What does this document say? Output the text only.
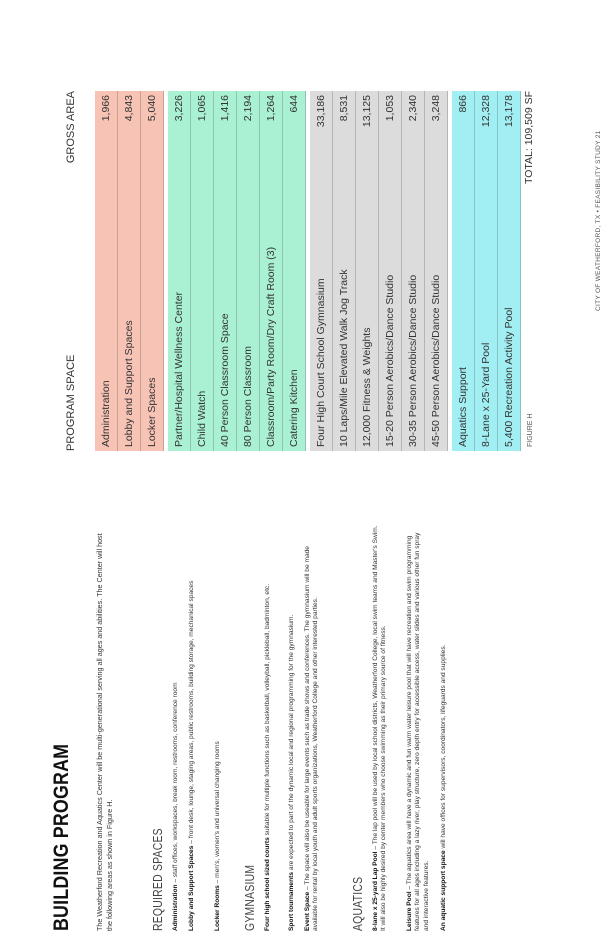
BUILDING PROGRAM	The Weatherford Recreation and Aquatics Center will be multi-generational serving all ages and abilities. The Center will host the following areas as shown in Figure H.	REQUIRED SPACES Administration – staff offices, workspaces, break room, restrooms, conference room
Lobby and Support Spaces – front desk, lounge, staging areas, public restrooms, building storage, mechanical spaces
Locker Rooms – men's, women's and universal changing rooms
GYMNASIUM Four high school sized courts suitable for multiple functions such as basketball, volleyball, pickleball, badminton, etc.
Sport tournaments are expected to part of the dynamic local and regional programming for the gymnasium.
Event Space – The space will also be useable for large events such as trade shows and conferences. The gymnasium will be made available for rental by local youth and adult sports organizations, Weatherford College and other interested parties. AQUATICS 8-lane x 25-yard Lap Pool – The lap pool will be used by local school districts, Weatherford College, local swim teams and Master's Swim. It will also be highly desired by center members who choose swimming as their primary source of fitness.	Leisure Pool – The aquatics area will have a dynamic and fun warm water leisure pool that will have recreation and swim programming features for all ages including a lazy river, play structure, zero depth entry for accessible access, water slides and various other fun spray and interactive features. An aquatic support space will have offices for supervisors, coordinators, lifeguards and supplies.
PROGRAM SPACE
GROSS AREA
Administration
1,966
Lobby and Support Spaces
4,843
Locker Spaces
5,040
Partner/Hospital Wellness Center
3,226
Child Watch
1,065
40 Person Classroom Space
1,416
80 Person Classroom
2,194
Classroom/Party Room/Dry Craft Room (3)
1,264
Catering Kitchen
644
Four High Court School Gymnasium
33,186
10 Laps/Mile Elevated Walk Jog Track
8,531
12,000 Fitness & Weights
13,125
15-20 Person Aerobics/Dance Studio
1,053
30-35 Person Aerobics/Dance Studio
2,340
45-50 Person Aerobics/Dance Studio
3,248
Aquatics Support
866
8-Lane x 25-Yard Pool
12,328
5,400 Recreation Activity Pool
13,178
FIGURE H
TOTAL: 109,509 SF	CITY OF WEATHERFORD, TX • FEASIBILITY STUDY 21
